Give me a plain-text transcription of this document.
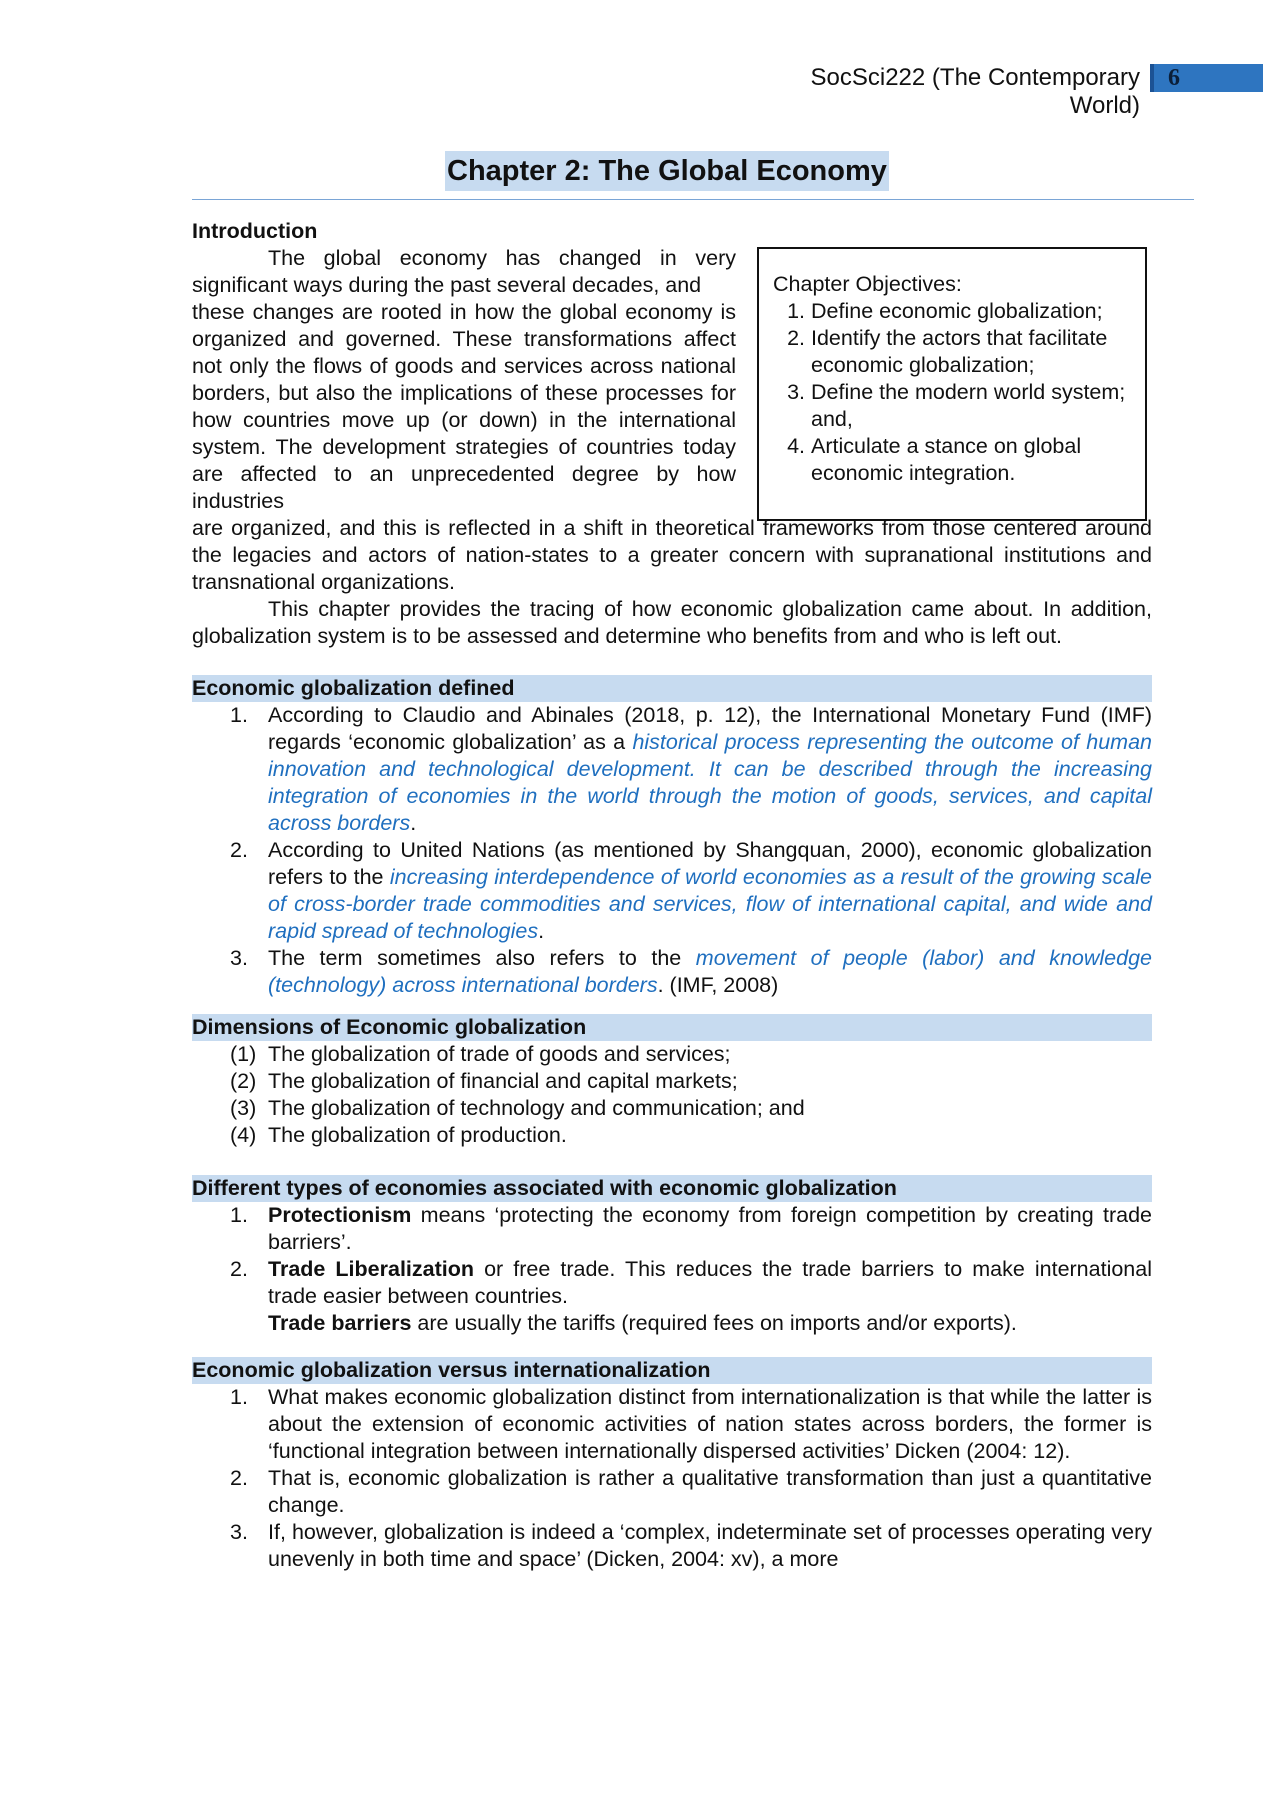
SocSci222 (The Contemporary World)
6
Chapter 2: The Global Economy
Chapter Objectives:
1. Define economic globalization;
2. Identify the actors that facilitate economic globalization;
3. Define the modern world system; and,
4. Articulate a stance on global economic integration.
Introduction

The global economy has changed in very significant ways during the past several decades, and

these changes are rooted in how the global economy is organized and governed. These transformations affect not only the flows of goods and services across national borders, but also the implications of these processes for how countries move up (or down) in the international system. The development strategies of countries today are affected to an unprecedented degree by how industries

are organized, and this is reflected in a shift in theoretical frameworks from those centered around the legacies and actors of nation-states to a greater concern with supranational institutions and transnational organizations.

This chapter provides the tracing of how economic globalization came about. In addition, globalization system is to be assessed and determine who benefits from and who is left out.

Economic globalization defined
1. According to Claudio and Abinales (2018, p. 12), the International Monetary Fund (IMF) regards ‘economic globalization’ as a historical process representing the outcome of human innovation and technological development. It can be described through the increasing integration of economies in the world through the motion of goods, services, and capital across borders.
2. According to United Nations (as mentioned by Shangquan, 2000), economic globalization refers to the increasing interdependence of world economies as a result of the growing scale of cross-border trade commodities and services, flow of international capital, and wide and rapid spread of technologies.
3. The term sometimes also refers to the movement of people (labor) and knowledge (technology) across international borders. (IMF, 2008)
Dimensions of Economic globalization
(1) The globalization of trade of goods and services;
(2) The globalization of financial and capital markets;
(3) The globalization of technology and communication; and
(4) The globalization of production.
Different types of economies associated with economic globalization
1. Protectionism means ‘protecting the economy from foreign competition by creating trade barriers’.
2. Trade Liberalization or free trade. This reduces the trade barriers to make international trade easier between countries.
Trade barriers are usually the tariffs (required fees on imports and/or exports).
Economic globalization versus internationalization
1. What makes economic globalization distinct from internationalization is that while the latter is about the extension of economic activities of nation states across borders, the former is ‘functional integration between internationally dispersed activities’ Dicken (2004: 12).
2. That is, economic globalization is rather a qualitative transformation than just a quantitative change.
3. If, however, globalization is indeed a ‘complex, indeterminate set of processes operating very unevenly in both time and space’ (Dicken, 2004: xv), a more
